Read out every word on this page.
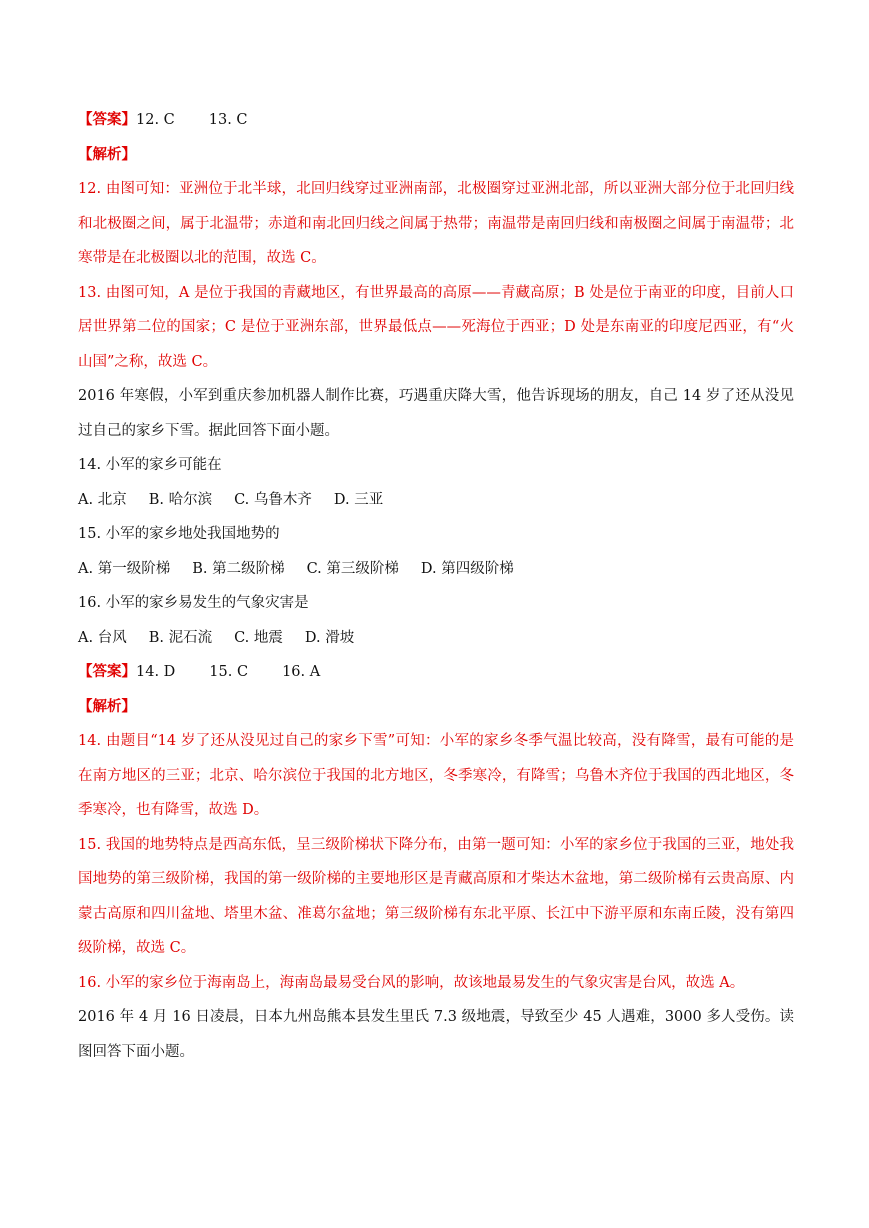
【答案】12. C 13. C
【解析】
12. 由图可知：亚洲位于北半球，北回归线穿过亚洲南部，北极圈穿过亚洲北部，所以亚洲大部分位于北回归线和北极圈之间，属于北温带；赤道和南北回归线之间属于热带；南温带是南回归线和南极圈之间属于南温带；北寒带是在北极圈以北的范围，故选 C。
13. 由图可知，A 是位于我国的青藏地区，有世界最高的高原——青藏高原；B 处是位于南亚的印度，目前人口居世界第二位的国家；C 是位于亚洲东部，世界最低点——死海位于西亚；D 处是东南亚的印度尼西亚，有“火山国”之称，故选 C。
2016 年寒假，小军到重庆参加机器人制作比赛，巧遇重庆降大雪，他告诉现场的朋友，自己 14 岁了还从没见过自己的家乡下雪。据此回答下面小题。
14. 小军的家乡可能在
A. 北京 B. 哈尔滨 C. 乌鲁木齐 D. 三亚
15. 小军的家乡地处我国地势的
A. 第一级阶梯 B. 第二级阶梯 C. 第三级阶梯 D. 第四级阶梯
16. 小军的家乡易发生的气象灾害是
A. 台风 B. 泥石流 C. 地震 D. 滑坡
【答案】14. D 15. C 16. A
【解析】
14. 由题目“14 岁了还从没见过自己的家乡下雪”可知：小军的家乡冬季气温比较高，没有降雪，最有可能的是在南方地区的三亚；北京、哈尔滨位于我国的北方地区，冬季寒冷，有降雪；乌鲁木齐位于我国的西北地区，冬季寒冷，也有降雪，故选 D。
15. 我国的地势特点是西高东低，呈三级阶梯状下降分布，由第一题可知：小军的家乡位于我国的三亚，地处我国地势的第三级阶梯，我国的第一级阶梯的主要地形区是青藏高原和才柴达木盆地，第二级阶梯有云贵高原、内蒙古高原和四川盆地、塔里木盆、准葛尔盆地；第三级阶梯有东北平原、长江中下游平原和东南丘陵，没有第四级阶梯，故选 C。
16. 小军的家乡位于海南岛上，海南岛最易受台风的影响，故该地最易发生的气象灾害是台风，故选 A。
2016 年 4 月 16 日凌晨，日本九州岛熊本县发生里氏 7.3 级地震，导致至少 45 人遇难，3000 多人受伤。读图回答下面小题。
